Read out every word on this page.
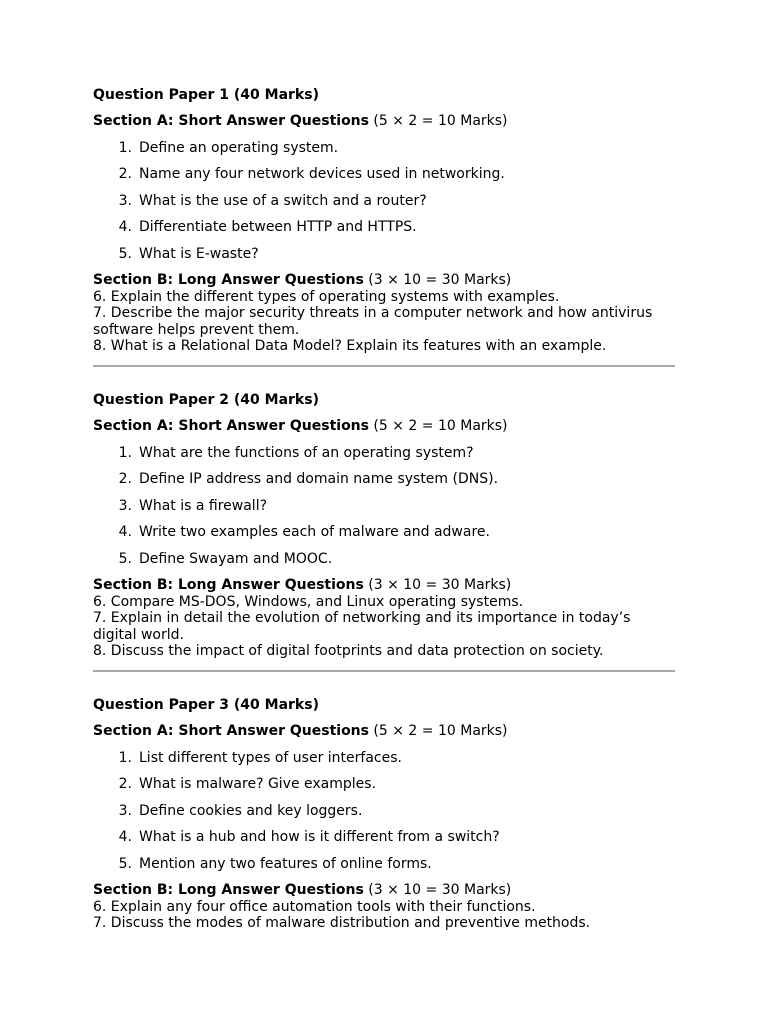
Question Paper 1 (40 Marks)

Section A: Short Answer Questions (5 × 2 = 10 Marks)

1. Define an operating system.
2. Name any four network devices used in networking.
3. What is the use of a switch and a router?
4. Differentiate between HTTP and HTTPS.
5. What is E-waste?

Section B: Long Answer Questions (3 × 10 = 30 Marks)

6. Explain the different types of operating systems with examples.
7. Describe the major security threats in a computer network and how antivirus software helps prevent them.
8. What is a Relational Data Model? Explain its features with an example.

Question Paper 2 (40 Marks)

Section A: Short Answer Questions (5 × 2 = 10 Marks)

1. What are the functions of an operating system?
2. Define IP address and domain name system (DNS).
3. What is a firewall?
4. Write two examples each of malware and adware.
5. Define Swayam and MOOC.

Section B: Long Answer Questions (3 × 10 = 30 Marks)

6. Compare MS-DOS, Windows, and Linux operating systems.
7. Explain in detail the evolution of networking and its importance in today’s digital world.
8. Discuss the impact of digital footprints and data protection on society.

Question Paper 3 (40 Marks)

Section A: Short Answer Questions (5 × 2 = 10 Marks)

1. List different types of user interfaces.
2. What is malware? Give examples.
3. Define cookies and key loggers.
4. What is a hub and how is it different from a switch?
5. Mention any two features of online forms.

Section B: Long Answer Questions (3 × 10 = 30 Marks)

6. Explain any four office automation tools with their functions.
7. Discuss the modes of malware distribution and preventive methods.
